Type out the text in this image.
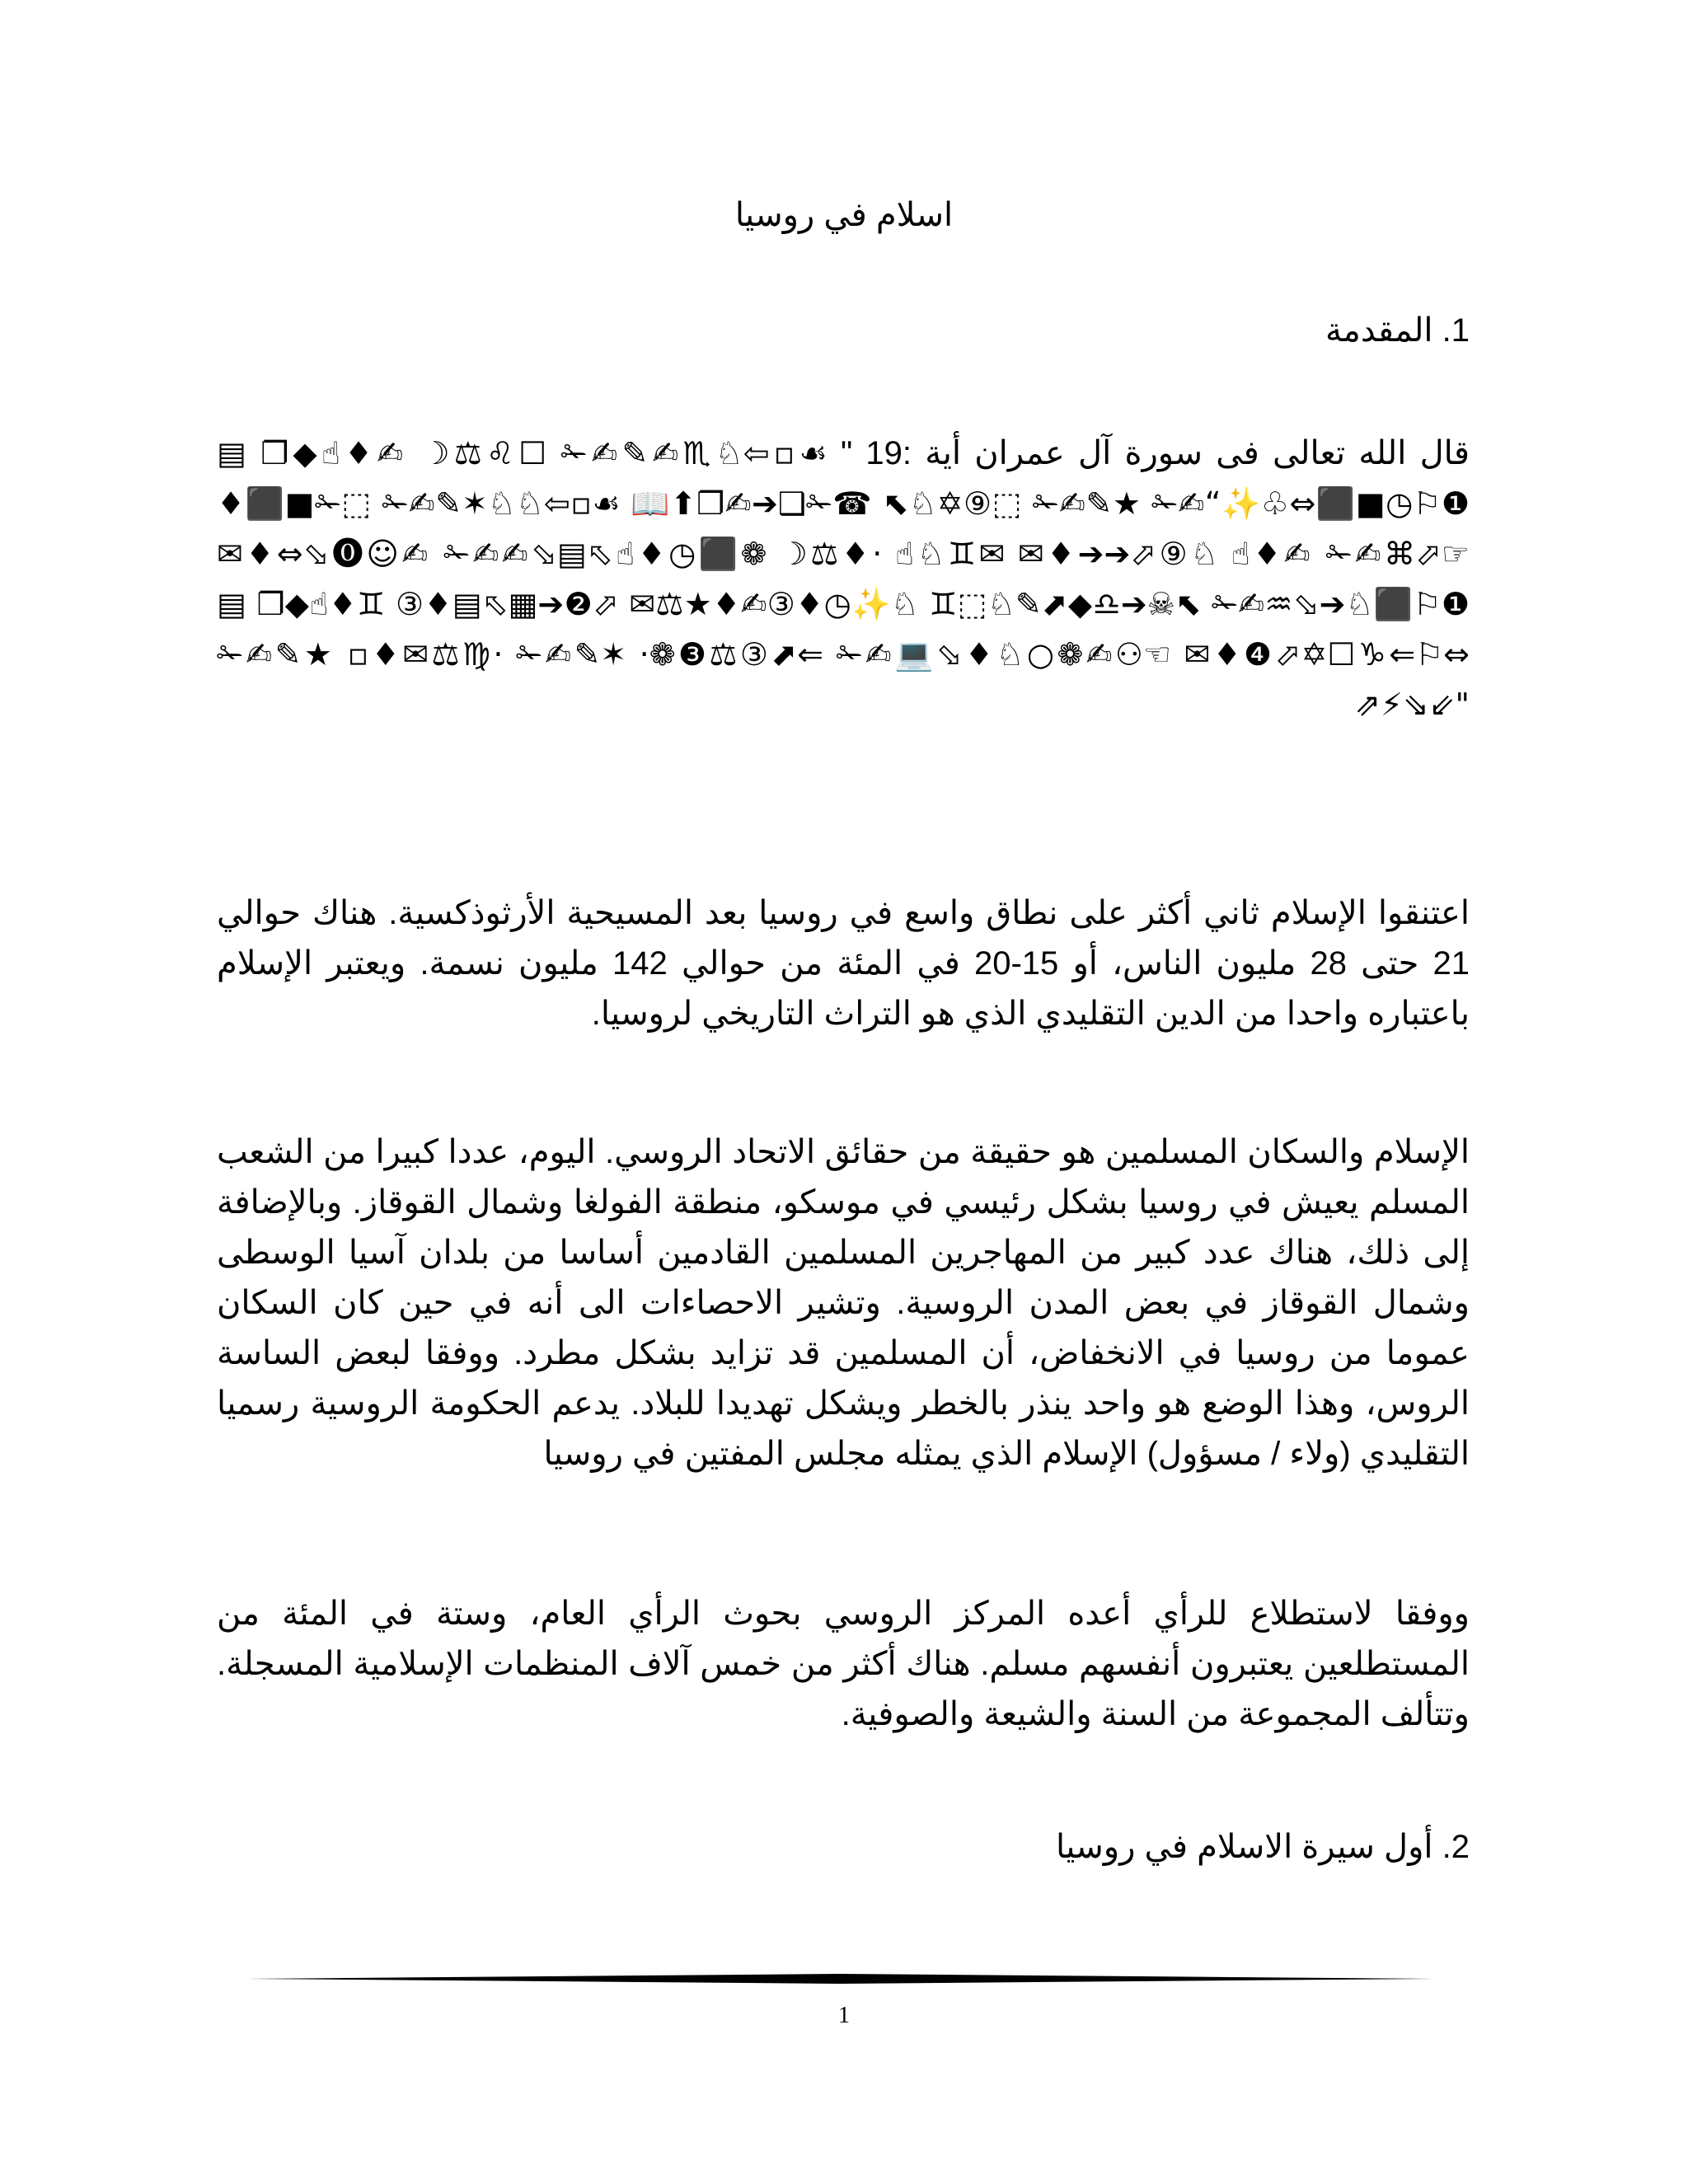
اسلام في روسيا
1. المقدمة
قال الله تعالى فى سورة آل عمران أية :19 " ☙▫⇦♘♏✍✎✍✁ ☐♌⚖☽ ✍♦☝◆❐ ▤ ❶⚐◷■⬛⇔♧✨“✍✁ ★✎✍✁ ⬚⑨✡♘⬉ ☎✁❑➔✍❐⬆📖 ☙▫⇦♘♘✶✎✍✁ ⬚✁■⬛♦☞⬀⌘✍✁ ✍♦☝ ♘⑨⬀➔➔♦✉ ✉♊♘☝ ·♦⚖☽ ❁⬛◷♦☝⬁▤⬂✍✍✁ ✍☺⓿⬂⇔♦✉ ❶⚐⬛♘➔⬂♒✍✁ ⬉☠➔♎◆⬈✎♘⬚♊ ♘✨◷♦③✍♦★⚖✉ ⬀❷➔▦⬁▤♦③ ♊♦☝◆❐ ▤ ⇔⚐⇐♑☐✡⬀❹♦✉ ☜⚇✍❁○♘♦⬂💻✍✁ ⇐⬈③⚖❸❁· ✶✎✍✁ ·♍⚖✉♦▫ ★✎✍✁ "⇙⇘⚡⇗
اعتنقوا الإسلام ثاني أكثر على نطاق واسع في روسيا بعد المسيحية الأرثوذكسية. هناك حوالي 21 حتى 28 مليون الناس، أو 15-20 في المئة من حوالي 142 مليون نسمة. ويعتبر الإسلام باعتباره واحدا من الدين التقليدي الذي هو التراث التاريخي لروسيا.
الإسلام والسكان المسلمين هو حقيقة من حقائق الاتحاد الروسي. اليوم، عددا كبيرا من الشعب المسلم يعيش في روسيا بشكل رئيسي في موسكو، منطقة الفولغا وشمال القوقاز. وبالإضافة إلى ذلك، هناك عدد كبير من المهاجرين المسلمين القادمين أساسا من بلدان آسيا الوسطى وشمال القوقاز في بعض المدن الروسية. وتشير الاحصاءات الى أنه في حين كان السكان عموما من روسيا في الانخفاض، أن المسلمين قد تزايد بشكل مطرد. ووفقا لبعض الساسة الروس، وهذا الوضع هو واحد ينذر بالخطر ويشكل تهديدا للبلاد. يدعم الحكومة الروسية رسميا التقليدي (ولاء / مسؤول) الإسلام الذي يمثله مجلس المفتين في روسيا
ووفقا لاستطلاع للرأي أعده المركز الروسي بحوث الرأي العام، وستة في المئة من المستطلعين يعتبرون أنفسهم مسلم. هناك أكثر من خمس آلاف المنظمات الإسلامية المسجلة. وتتألف المجموعة من السنة والشيعة والصوفية.
2. أول سيرة الاسلام في روسيا
1
